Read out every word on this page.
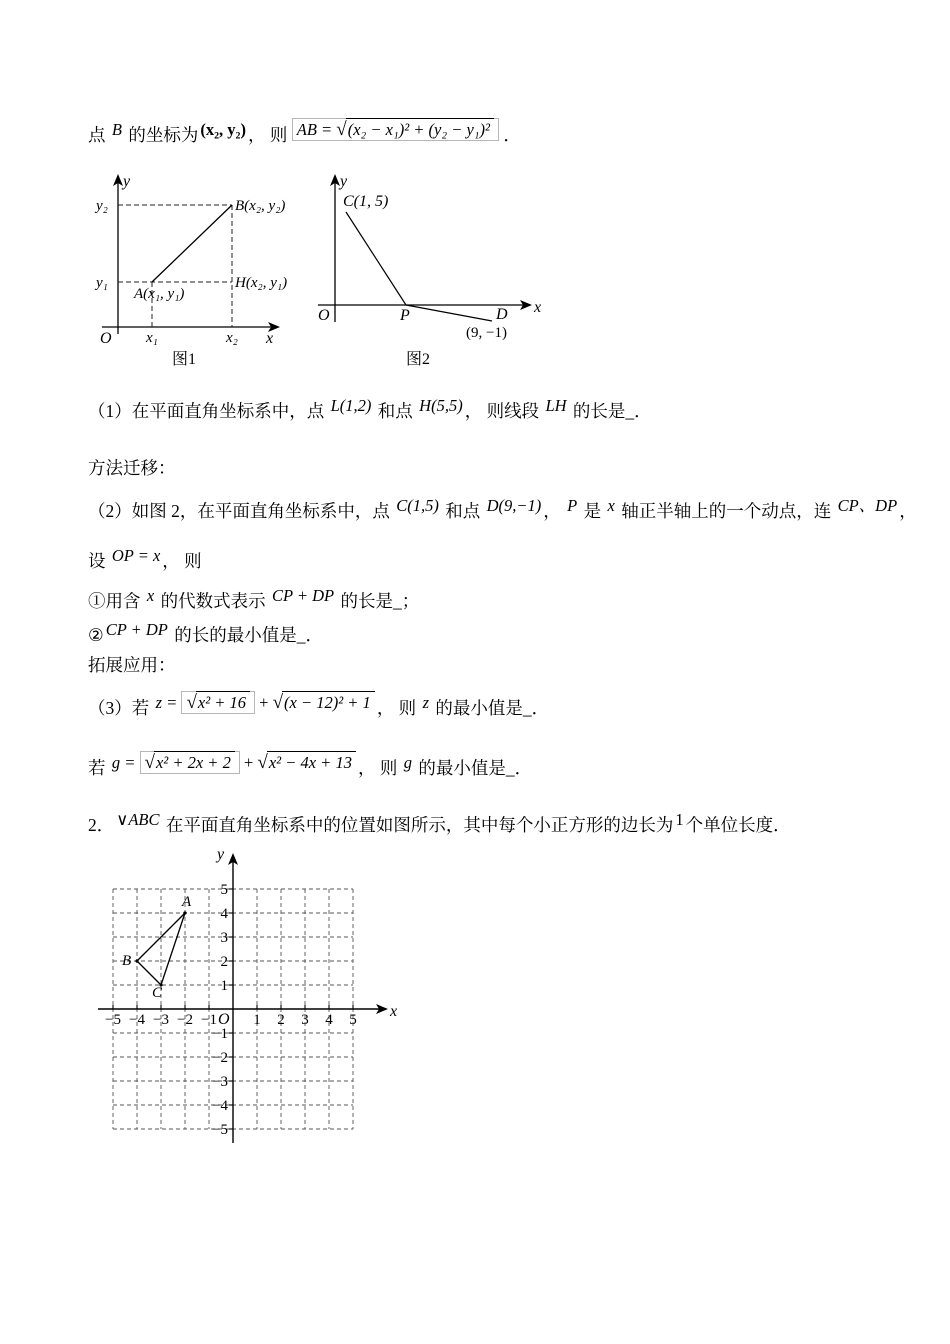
点 B 的坐标为 (x₂, y₂) ， 则 AB = √(x₂ − x₁)² + (y₂ − y₁)² ．
y
y₂
y₁
B(x₂, y₂)
A(x₁, y₁)
H(x₂, y₁)
O x₁	x₂ x
图1
y
C(1, 5)
O	P	D
(9, −1)
x
图2
（1）在平面直角坐标系中，点 L(1,2) 和点 H(5,5) ， 则线段 LH 的长是_．
方法迁移：
（2）如图 2，在平面直角坐标系中，点 C(1,5) 和点 D(9,−1) ， P 是 x 轴正半轴上的一个动点，连 CP、DP ，
设 OP = x ， 则
①用含 x 的代数式表示 CP + DP 的长是_；
② CP + DP 的长的最小值是_．
拓展应用：
（3）若 z = √x² + 16 + √(x − 12)² + 1 ， 则 z 的最小值是_．
若 g = √x² + 2x + 2 + √x² − 4x + 13 ， 则 g 的最小值是_．
2． ∨ABC 在平面直角坐标系中的位置如图所示，其中每个小正方形的边长为 1 个单位长度．
−5 −4 −3 −2 −1 1 2 3 4 5
5
4
3
2
1
−1
−2
−3
−4
−5
O	x
y
A
B
C
